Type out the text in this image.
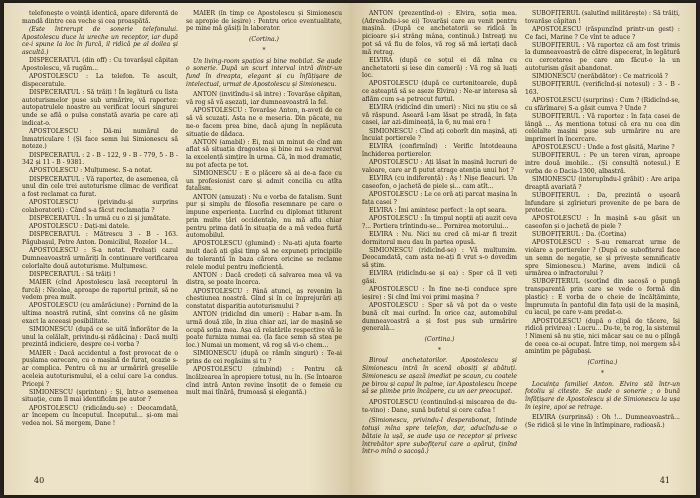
telefonește o voință identică, apare diferentă de mandă dintre cea veche și cea proaspătă.

(Este întrerupt de sonerie telefonului. Apostolescu duce la ureche un receptor, iar după ce-i spune la loc în furcă, il ridică pe al doilea și ascultă.)

DISPECERATUL (din off) : Cu tovarășul căpitan Apostolescu, vă rugăm...

APOSTOLESCU : La telefon. Te ascult, dispeceratule.

DISPECERATUL : Să trăiți ! În legătură cu lista autoturismelor puse sub urmărire, vă raportez: autopatrulele noastre au verificat locuri singurei unde se află o pulsa constată avaria pe care ați indicat-o.

APOSTOLESCU : Dă-mi numărul de înmatriculare ! (Și face semn lui Simionescu să noteze.)

DISPECERATUL : 2 - B - 122, 9 - B - 779, 5 - B - 342 și 11 - B - 9381.

APOSTOLESCU : Mulțumesc. S-a notat.

DISPECERATUL : Vă raportez, de asemenea, că unul din cele trei autoturisme climac de verificat a fost reclamat ca furat.

APOSTOLESCU (privindu-și surprins colaboratorii) : Când s-a făcut reclamația ?

DISPECERATUL : În urmă cu o zi și jumătate.

APOSTOLESCU : Dați-mi datele.

DISPECERATUL : Mătrescu 3 - B - 163. Păgubașul, Petre Anton. Domiciliul, Rozelor 14...

APOSTOLESCU : S-a notat. Preluați cazul Dumneavoastră urmăriți în continuare verificarea celorlalte două autoturisme. Mulțumesc.

DISPECERATUL : Să trăiți !

MAIER (cînd Apostolescu lasă receptorul în furcă) : Nicolae, aproape de raportul primit, să ne vedem prea mult.

APOSTOLESCU (cu amărăciune) : Pornind de la ultima noastră rutină, sînt convins că ne găsim exact la aceeași posibilitate.

SIMIONESCU (după ce se uită înfiorător de la unul la celălalt, privindu-și rădăcina) : Dacă mulți prezintă indiciere, despre ce-i vorba ?

MAIER : Dacă accidentul a fost provocat de o pușlama oarecare, cu o mașină de furat, ocazie s-ar complica. Pentru că nu ar urmăriră greșelile aceleia autoturismului, el a celui care l-a condus. Pricepi ?

SIMIONESCU (sprinten) : Și, într-o asemenea situație, cum îl mai identificăm pe autor ?

APOSTOLESCU (ridicându-se) : Deocamdată, ar începem cu începutul. Începutul... și-om mai vedea noi. Să mergem, Dane !

MAIER (în timp ce Apostolescu și Simionescu se apropie de ieșire) : Pentru orice eventualitate, pe mine mă găsiți în laborator.

(Cortina.)

*

Un living-room spațios și bine mobilat. Se aude o sonerie. După un scurt interval intră dintr-un fund în dreapta, elegant și cu înfățișare de intelectual, urmat de Apostolescu și Simionescu.

ANTON (invitîndu-i să intre) : Tovarășe căpitan, vă rog să vă așezați, iar dumneavoastră la fel.

APOSTOLESCU : Tovarășe Anton, n-aveți de ce să vă scuzați. Asta ne e meseria. Din păcate, nu ne-o facem prea bine, dacă ajung în neplăcuta situație de dădaca.

ANTON (amabil) : Ei, mai un minut de cînd am aflat să situația dragostea și bine mi s-a rezervat la excelență simțire în urma. Că, în mod dramatic, nu pot afecta pe tot.

SIMIONESCU : E o plăcere să ai de-a face cu un profesionist care și admit concilia cu atîta fatalism.

ANTON (amuzat) : Nu e vorba de fatalism. Sunt pur și simplu de filosofia resemnare pe care o impune experiența. Lucrînd cu diplomat titlurent prin multe țări occidentale, nu mă aflu chiar pentru prima dată în situația de a mă vedea furtă automobilul.

APOSTOLESCU (glumind) : Nu-ați ajuta foarte mult dacă ați găsi timp să ne expuneți principiile de toleranță în baza cărora oricine se reclame relele modul pentru ineficiență.

ANTON : Dacă credeți că salvarea mea vă va distra, se poate încerca.

APOSTOLESCU : Până atunci, aș revenim la chestiunea noastră. Gînd și în ce împrejurări ați constatat dispariția autoturismului ?

ANTON (ridicînd din umeri) : Habar n-am. În urmă două zile, în ziua chiar azi, iar de mașină se ocupă soția mea. Așa că relatările respective vă le poate furniza numai ea. (Ia face semn să stea pe loc.) Numai un moment, vă rog să vi-o chem...

SIMIONESCU (după ce rămîn singuri) : Te-ai prins de cei regăsiim și tu ?

APOSTOLESCU (zîmbind) : Pentru că încălzearea în apropiere totuși, nu în. (Se întoarce cînd intră Anton revine însoțit de o femeie cu mult mai tînără, frumoasă și elegantă.)

40

ANTON (prezentînd-o) : Elvira, soția mea. (Adresîndu-i-se ei) Tovarăși care au venit pentru mașină. (După ce anchetatorii se ridică în picioare și-i strâng mâna, continuă.) Intreaţi nu pot să vă fiu de folos, vă rog să mă iertați dacă mă retrag.

ELVIRA (după ce soțul ei dă mîna cu anchetatorii și iese din cameră) : Vă rog să luați loc.

APOSTOLESCU (după ce curtenitoarele, după ce așteaptă să se așeze Elvira) : Ne-ar interesa să aflăm cum s-a petrecut furtul.

ELVIRA (ridicînd din umeri) : Nici nu știu ce să vă răspund. Aseară l-am lăsat pe stradă, în fața casei, iar azi-dimineață, la 6, nu mai era !

SIMIONESCU : Cînd ați coborît din mașină, ați încuiat portierele ?

ELVIRA (confirmînd) : Verific întotdeauna închiderea portierelor.

APOSTOLESCU : Ați lăsat în mașină lucruri de valoare, care ar fi putut atrage atenția unui hoț ?

ELVIRA (cu indiferență) : Aș ! Nișe fleacuri. Un caseofon, o jachetă de piele și... cam atît...

APOSTOLESCU : Le ce oră ați parcat mașina în fața casei ?

ELVIRA : Îmi amintesc perfect : la opt seara.

APOSTOLESCU : În timpul nopții ați auzit ceva ?... Portiera trîntindu-se... Pornirea motorului...

ELVIRA : Nu. Nici nu cred că mi-ar fi trezit dormitorul meu dau în partea opusă.

SIMIONESCU (ridicînd-se) : Vă mulțumim. Deocamdată, cam asta ne-ați fi vrut s-o dovedim să știm.

ELVIRA (ridicîndu-se și ea) : Sper că îl veți găsi.

APOSTOLESCU : În fine ne-ți conduce spre ieșire) : Și cînd îmi voi primi mașina ?

APOSTOLESCU : Sper să vă pot da o veste bună cît mai curînd. În orice caz, automobilul dumneavoastră a și fost pus sub urmărire generală...

(Cortina.)

*

Biroul anchetatorilor. Apostolescu și Simionescu intră în scenă obosiți și abătuți. Simionescu se așază imediat pe scaun, cu coatele pe birou și capul în palme, iar Apostolescu începe să se plimbe prin încăpere, cu un aer preocupat.

APOSTOLESCU (continuînd-și mișcarea de du-te-vino) : Dane, sună bufetul și cere cafea !

(Simionescu, privindu-l desperabonat, întinde totuși mîna spre telefon, dar, aducîndu-se o bătaie la ușă, se aude ușa ce receptor și privesc întrebător spre subofițerul care a apărut, ținînd într-o mînă o sacoșă.)

SUBOFIȚERUL (salutînd militărește) : Să trăiți, tovarășe căpitan !

APOSTOLESCU (răspunzînd printr-un gest) : Ce faci, Marine ? Ce vînt te aduce ?

SUBOFIȚERUL : Vă raportez că am fost trimis la dumneavoastră de către dispecerat, în legătură cu cercetarea pe care am făcut-o la un autoturism găsit abandonat.

SIMIONESCU (nerăbdător) : Ce matricolă ?

SUBOFIȚERUL (verificînd-și notesul) : 3 - B - 163.

APOSTOLESCU (surprins) : Cum ? (Ridicînd-se, cu sfărîmare) S-a găsit cumva ? Unde ?

SUBOFIȚERUL : Vă raportez : în fața casei de lângă ... Aș mentiona totuși că era nu cea din celelalte mașini puse sub urmărire nu are imprimeri în încercare.

APOSTOLESCU : Unde a fost găsită, Marine ?

SUBOFIȚERUL : Pe un teren viran, aproape intre două imobile... (Și consultă notesul.) E vorba de o Dacia-1300, albastră.

SIMIONESCU (interupîndu-l grăbit) : Are aripa dreaptă avariată ?

SUBOFIȚERUL : Da, prezintă o ușoară înfundare și zgîrieturi provenite de pe bara de protecție.

APOSTOLESCU : În mașină s-au găsit un caseofon și o jachetă de piele ?

SUBOFIȚERUL : Da. (Cortina)

APOSTOLESCU : S-au remarcat urme de violare a portierelor ? (După ce subofițerul face un semn de negație, se și privește semnificativ spre Simionescu.) Marine, avem indicii că urmărea o infractorului ?

SUBOFIȚERUL (scoțînd din sacoșă o pungă transparentă prin care se vede o formă din plastic) : E vorba de o cheie de încălțăminte, împrumuta în pantoful din fața ușii de la mașină, cu iacul, pe care v-am predat-o.

APOSTOLESCU (după o clipă de tăcere, își ridică privirea) : Lucru... Du-te, te rog, la sistemul ! Nimeni să nu știe, nici măcar sau ce nu o plîngă de ceea ce-ai ocupat. Între timp, noi mergem să-i amintim pe păgubași.

(Cortina.)

*

Locuința familiei Anton. Elvira stă într-un fotoliu și citește. Se aude o sonerie ; o bună înfățișare de Apostolescu și de Simionescu la ușa în ieşire, apoi se retrage.

ELVIRA (surprinsă) : Oh !... Dumneavoastră... (Se ridică și le vine în întîmpinare, radioasă.)

41
